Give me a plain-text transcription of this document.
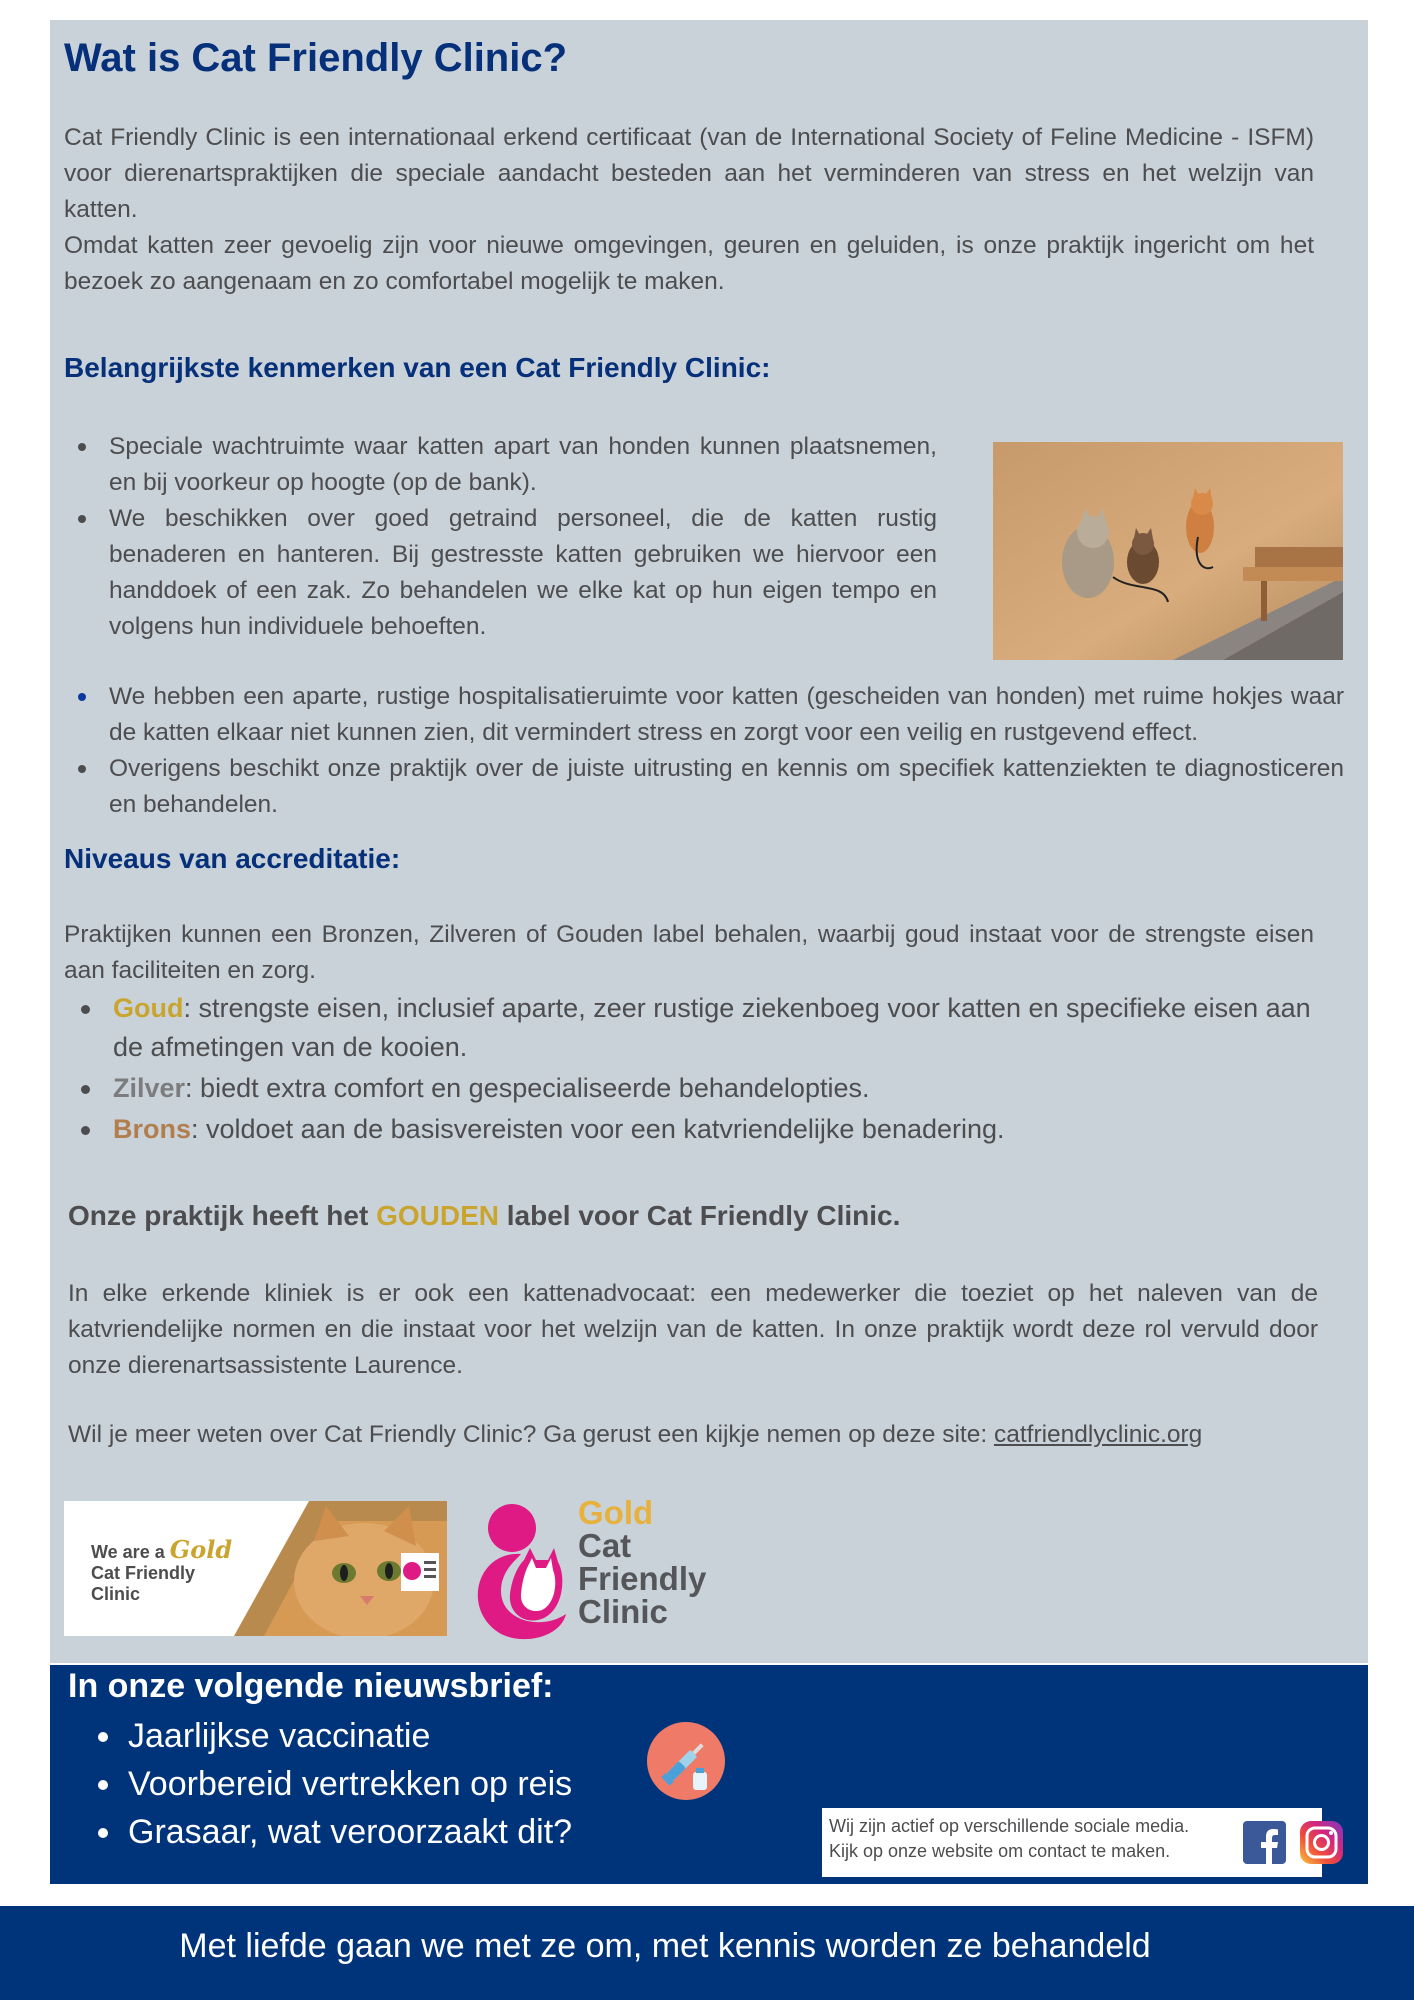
Wat is Cat Friendly Clinic?

Cat Friendly Clinic is een internationaal erkend certificaat (van de International Society of Feline Medicine - ISFM) voor dierenartspraktijken die speciale aandacht besteden aan het verminderen van stress en het welzijn van katten.

Omdat katten zeer gevoelig zijn voor nieuwe omgevingen, geuren en geluiden, is onze praktijk ingericht om het bezoek zo aangenaam en zo comfortabel mogelijk te maken.

Belangrijkste kenmerken van een Cat Friendly Clinic:
Speciale wachtruimte waar katten apart van honden kunnen plaatsnemen, en bij voorkeur op hoogte (op de bank).
We beschikken over goed getraind personeel, die de katten rustig benaderen en hanteren. Bij gestresste katten gebruiken we hiervoor een handdoek of een zak. Zo behandelen we elke kat op hun eigen tempo en volgens hun individuele behoeften.
We hebben een aparte, rustige hospitalisatieruimte voor katten (gescheiden van honden) met ruime hokjes waar de katten elkaar niet kunnen zien, dit vermindert stress en zorgt voor een veilig en rustgevend effect.
Overigens beschikt onze praktijk over de juiste uitrusting en kennis om specifiek kattenziekten te diagnosticeren en behandelen.
Niveaus van accreditatie:

Praktijken kunnen een Bronzen, Zilveren of Gouden label behalen, waarbij goud instaat voor de strengste eisen aan faciliteiten en zorg.

Goud: strengste eisen, inclusief aparte, zeer rustige ziekenboeg voor katten en specifieke eisen aan de afmetingen van de kooien.
Zilver: biedt extra comfort en gespecialiseerde behandelopties.
Brons: voldoet aan de basisvereisten voor een katvriendelijke benadering.

Onze praktijk heeft het GOUDEN label voor Cat Friendly Clinic.

In elke erkende kliniek is er ook een kattenadvocaat: een medewerker die toeziet op het naleven van de katvriendelijke normen en die instaat voor het welzijn van de katten. In onze praktijk wordt deze rol vervuld door onze dierenartsassistente Laurence.

Wil je meer weten over Cat Friendly Clinic? Ga gerust een kijkje nemen op deze site: catfriendlyclinic.org

We are a Gold
Cat Friendly
Clinic
Gold
Cat
Friendly
Clinic
In onze volgende nieuwsbrief:
Jaarlijkse vaccinatie
Voorbereid vertrekken op reis
Grasaar, wat veroorzaakt dit?	Wij zijn actief op verschillende sociale media.
Kijk op onze website om contact te maken.
Met liefde gaan we met ze om, met kennis worden ze behandeld
